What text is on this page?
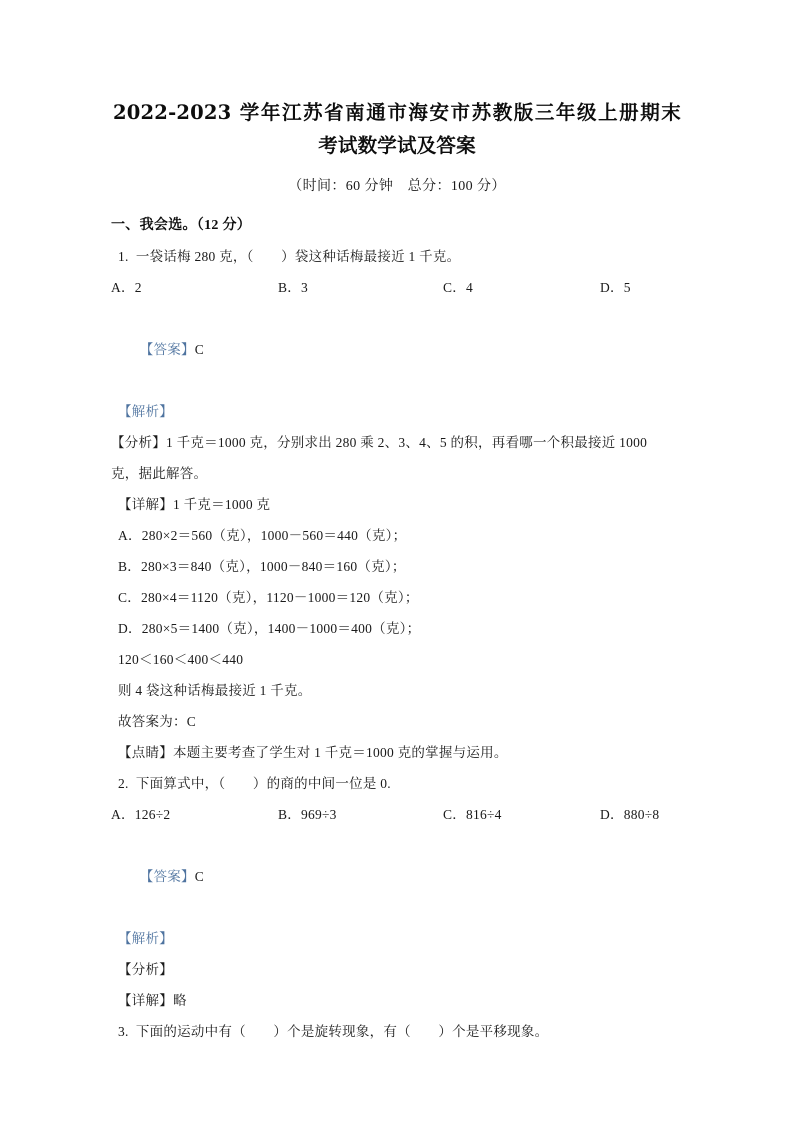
2022-2023 学年江苏省南通市海安市苏教版三年级上册期末
考试数学试及答案
（时间：60 分钟　总分：100 分）
一、我会选。（12 分）
1.  一袋话梅 280 克，（　　）袋这种话梅最接近 1 千克。
A．2	B．3	C．4	D．5

【答案】C

【解析】
【分析】1 千克＝1000 克，分别求出 280 乘 2、3、4、5 的积，再看哪一个积最接近 1000
克，据此解答。
【详解】1 千克＝1000 克
A．280×2＝560（克），1000－560＝440（克）；
B．280×3＝840（克），1000－840＝160（克）；
C．280×4＝1120（克），1120－1000＝120（克）；
D．280×5＝1400（克），1400－1000＝400（克）；
120＜160＜400＜440
则 4 袋这种话梅最接近 1 千克。
故答案为：C
【点睛】本题主要考查了学生对 1 千克＝1000 克的掌握与运用。
2.  下面算式中，（　　）的商的中间一位是 0.
A．126÷2	B．969÷3	C．816÷4	D．880÷8

【答案】C

【解析】
【分析】
【详解】略
3.  下面的运动中有（　　）个是旋转现象，有（　　）个是平移现象。
